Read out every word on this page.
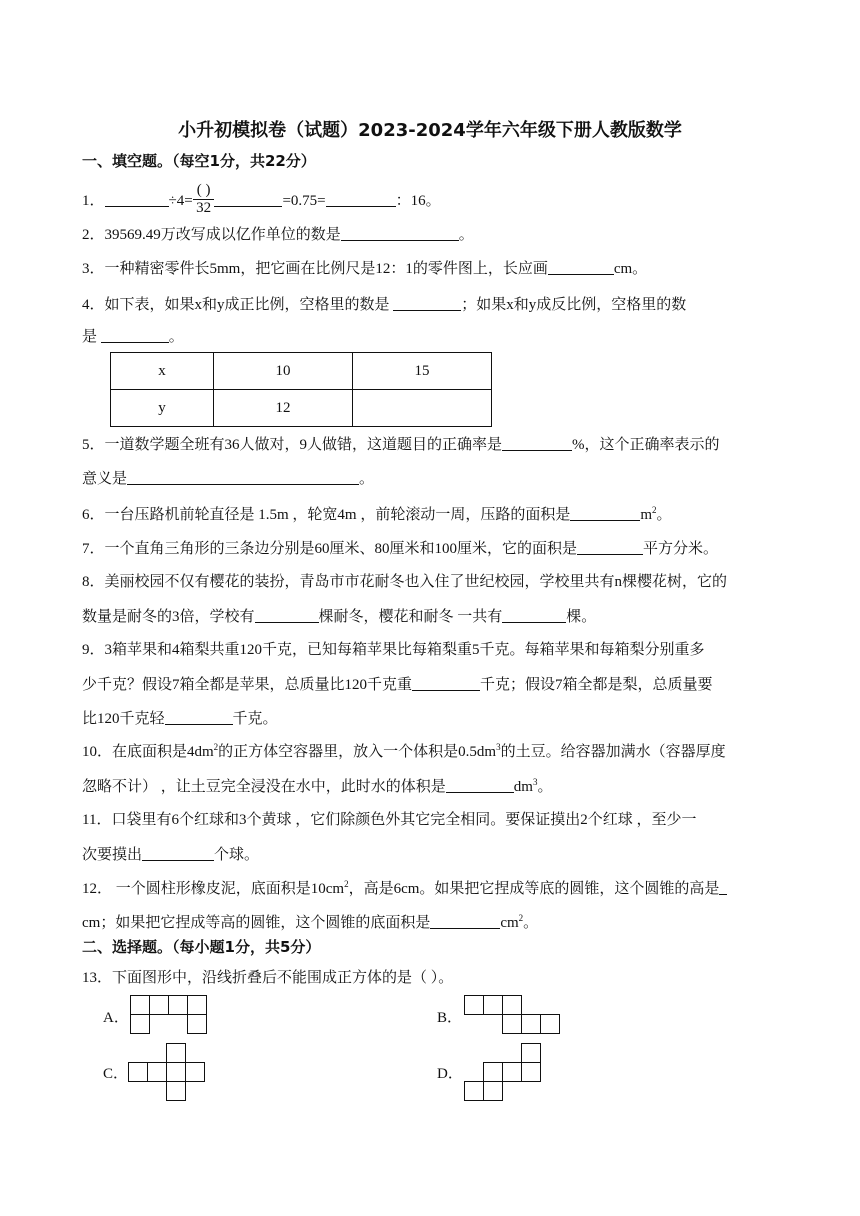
小升初模拟卷（试题）2023-2024学年六年级下册人教版数学
一、填空题。（每空1分，共22分）
1．	$\div 4= \frac{( )}{32}$	=0.75=	：16。
2．39569.49万改写成以亿作单位的数是	。
3．一种精密零件长5mm，把它画在比例尺是12：1的零件图上，长应画	cm。
4．如下表，如果x和y成正比例，空格里的数是	；如果x和y成反比例，空格里的数
是	。
x	10	15
y	12	
5．一道数学题全班有36人做对，9人做错，这道题目的正确率是	%，这个正确率表示的
意义是	。
6．一台压路机前轮直径是 1.5m ，轮宽4m ，前轮滚动一周，压路的面积是	$m^2$。
7．一个直角三角形的三条边分别是60厘米、80厘米和100厘米，它的面积是	平方分米。
8．美丽校园不仅有樱花的装扮，青岛市市花耐冬也入住了世纪校园，学校里共有n棵樱花树，它的
数量是耐冬的3倍，学校有	棵耐冬，樱花和耐冬 一共有	棵。
9．3箱苹果和4箱梨共重120千克，已知每箱苹果比每箱梨重5千克。每箱苹果和每箱梨分别重多
少千克？假设7箱全都是苹果，总质量比120千克重	千克；假设7箱全都是梨，总质量要
比120千克轻	千克。
10．在底面积是$4dm^2$的正方体空容器里，放入一个体积是$0.5dm^3$的土豆。给容器加满水（容器厚度
忽略不计） ，让土豆完全浸没在水中，此时水的体积是	$dm^3$。
11．口袋里有6个红球和3个黄球 ，它们除颜色外其它完全相同。要保证摸出2个红球 ，至少一
次要摸出	个球。
12． 一个圆柱形橡皮泥，底面积是$10cm^2$，高是6cm。如果把它捏成等底的圆锥，这个圆锥的高是
cm；如果把它捏成等高的圆锥，这个圆锥的底面积是	$cm^2$。
二、选择题。（每小题1分，共5分）
13．下面图形中，沿线折叠后不能围成正方体的是（ ）。
A．	B．
C．	D．
